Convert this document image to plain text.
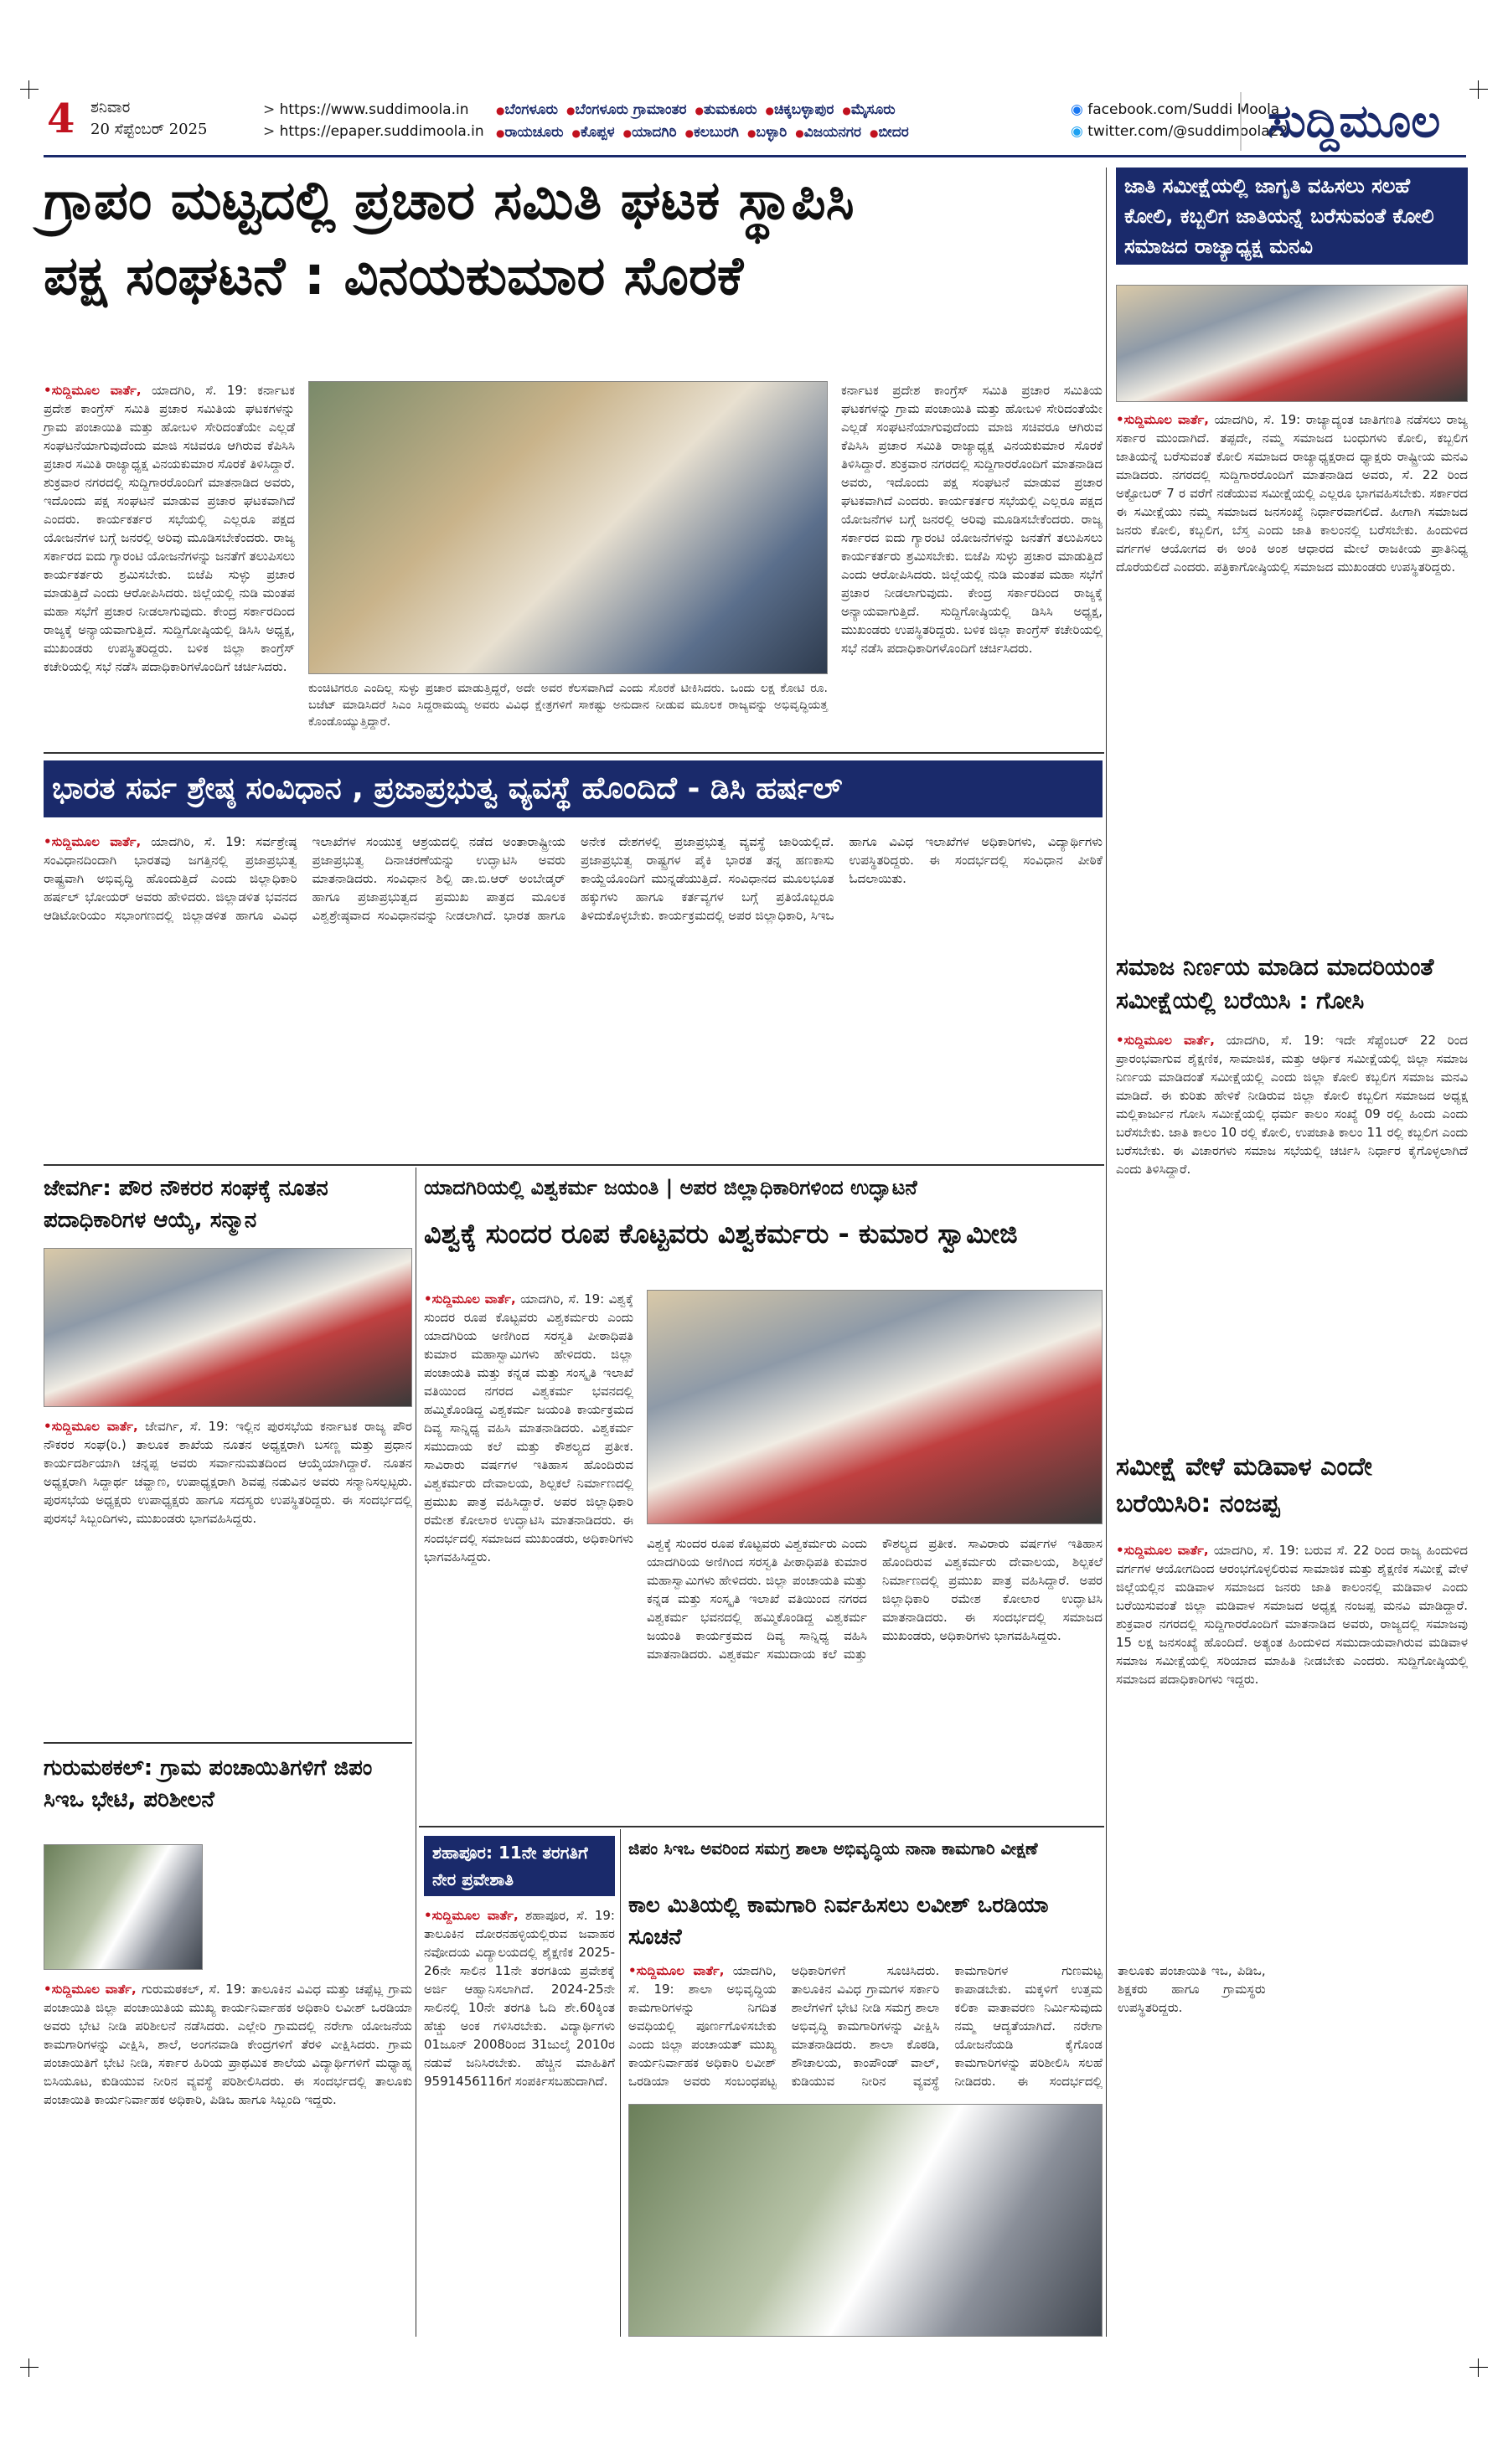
4 ಶನಿವಾರ
20 ಸೆಪ್ಟೆಂಬರ್ 2025
> https://www.suddimoola.in
> https://epaper.suddimoola.in
● ಬೆಂಗಳೂರು ● ಬೆಂಗಳೂರು ಗ್ರಾಮಾಂತರ ● ತುಮಕೂರು ● ಚಿಕ್ಕಬಳ್ಳಾಪುರ ● ಮೈಸೂರು
● ರಾಯಚೂರು ● ಕೊಪ್ಪಳ ● ಯಾದಗಿರಿ ● ಕಲಬುರಗಿ ● ಬಳ್ಳಾರಿ ● ವಿಜಯನಗರ ● ಬೀದರ
◉ facebook.com/Suddi Moola
◉ twitter.com/@suddimoola22
ಸುದ್ದಿಮೂಲ
ಗ್ರಾಪಂ ಮಟ್ಟದಲ್ಲಿ ಪ್ರಚಾರ ಸಮಿತಿ ಘಟಕ ಸ್ಥಾಪಿಸಿ
ಪಕ್ಷ ಸಂಘಟನೆ : ವಿನಯಕುಮಾರ ಸೊರಕೆ
•ಸುದ್ದಿಮೂಲ ವಾರ್ತೆ, ಯಾದಗಿರಿ, ಸೆ. 19: ಕರ್ನಾಟಕ ಪ್ರದೇಶ ಕಾಂಗ್ರೆಸ್ ಸಮಿತಿ ಪ್ರಚಾರ ಸಮಿತಿಯ ಘಟಕಗಳನ್ನು ಗ್ರಾಮ ಪಂಚಾಯಿತಿ ಮತ್ತು ಹೋಬಳಿ ಸೇರಿದಂತೆಯೇ ಎಲ್ಲಡೆ ಸಂಘಟನೆಯಾಗುವುದೆಂದು ಮಾಜಿ ಸಚಿವರೂ ಆಗಿರುವ ಕೆಪಿಸಿಸಿ ಪ್ರಚಾರ ಸಮಿತಿ ರಾಜ್ಯಾಧ್ಯಕ್ಷ ವಿನಯಕುಮಾರ ಸೊರಕೆ ತಿಳಿಸಿದ್ದಾರೆ. ಶುಕ್ರವಾರ ನಗರದಲ್ಲಿ ಸುದ್ದಿಗಾರರೊಂದಿಗೆ ಮಾತನಾಡಿದ ಅವರು, ಇದೊಂದು ಪಕ್ಷ ಸಂಘಟನೆ ಮಾಡುವ ಪ್ರಚಾರ ಘಟಕವಾಗಿದೆ ಎಂದರು. ಕಾರ್ಯಕರ್ತರ ಸಭೆಯಲ್ಲಿ ಎಲ್ಲರೂ ಪಕ್ಷದ ಯೋಜನೆಗಳ ಬಗ್ಗೆ ಜನರಲ್ಲಿ ಅರಿವು ಮೂಡಿಸಬೇಕೆಂದರು. ರಾಜ್ಯ ಸರ್ಕಾರದ ಐದು ಗ್ಯಾರಂಟಿ ಯೋಜನೆಗಳನ್ನು ಜನತೆಗೆ ತಲುಪಿಸಲು ಕಾರ್ಯಕರ್ತರು ಶ್ರಮಿಸಬೇಕು. ಬಿಜೆಪಿ ಸುಳ್ಳು ಪ್ರಚಾರ ಮಾಡುತ್ತಿದೆ ಎಂದು ಆರೋಪಿಸಿದರು. ಜಿಲ್ಲೆಯಲ್ಲಿ ನುಡಿ ಮಂತಪ ಮಹಾ ಸಭೆಗೆ ಪ್ರಚಾರ ನೀಡಲಾಗುವುದು. ಕೇಂದ್ರ ಸರ್ಕಾರದಿಂದ ರಾಜ್ಯಕ್ಕೆ ಅನ್ಯಾಯವಾಗುತ್ತಿದೆ. ಸುದ್ದಿಗೋಷ್ಠಿಯಲ್ಲಿ ಡಿಸಿಸಿ ಅಧ್ಯಕ್ಷ, ಮುಖಂಡರು ಉಪಸ್ಥಿತರಿದ್ದರು. ಬಳಿಕ ಜಿಲ್ಲಾ ಕಾಂಗ್ರೆಸ್ ಕಚೇರಿಯಲ್ಲಿ ಸಭೆ ನಡೆಸಿ ಪದಾಧಿಕಾರಿಗಳೊಂದಿಗೆ ಚರ್ಚಿಸಿದರು.
ಕುಂಚಿಟಿಗರೂ ಎಂದಿಲ್ಲ ಸುಳ್ಳು ಪ್ರಚಾರ ಮಾಡುತ್ತಿದ್ದರೆ, ಅದೇ ಅವರ ಕೆಲಸವಾಗಿದೆ ಎಂದು ಸೊರಕೆ ಟೀಕಿಸಿದರು. ಒಂದು ಲಕ್ಷ ಕೋಟಿ ರೂ. ಬಜೆಟ್ ಮಾಡಿಸಿದರೆ ಸಿಎಂ ಸಿದ್ದರಾಮಯ್ಯ ಅವರು ವಿವಿಧ ಕ್ಷೇತ್ರಗಳಿಗೆ ಸಾಕಷ್ಟು ಅನುದಾನ ನೀಡುವ ಮೂಲಕ ರಾಜ್ಯವನ್ನು ಅಭಿವೃದ್ಧಿಯತ್ತ ಕೊಂಡೊಯ್ಯುತ್ತಿದ್ದಾರೆ.
ಕರ್ನಾಟಕ ಪ್ರದೇಶ ಕಾಂಗ್ರೆಸ್ ಸಮಿತಿ ಪ್ರಚಾರ ಸಮಿತಿಯ ಘಟಕಗಳನ್ನು ಗ್ರಾಮ ಪಂಚಾಯಿತಿ ಮತ್ತು ಹೋಬಳಿ ಸೇರಿದಂತೆಯೇ ಎಲ್ಲಡೆ ಸಂಘಟನೆಯಾಗುವುದೆಂದು ಮಾಜಿ ಸಚಿವರೂ ಆಗಿರುವ ಕೆಪಿಸಿಸಿ ಪ್ರಚಾರ ಸಮಿತಿ ರಾಜ್ಯಾಧ್ಯಕ್ಷ ವಿನಯಕುಮಾರ ಸೊರಕೆ ತಿಳಿಸಿದ್ದಾರೆ. ಶುಕ್ರವಾರ ನಗರದಲ್ಲಿ ಸುದ್ದಿಗಾರರೊಂದಿಗೆ ಮಾತನಾಡಿದ ಅವರು, ಇದೊಂದು ಪಕ್ಷ ಸಂಘಟನೆ ಮಾಡುವ ಪ್ರಚಾರ ಘಟಕವಾಗಿದೆ ಎಂದರು. ಕಾರ್ಯಕರ್ತರ ಸಭೆಯಲ್ಲಿ ಎಲ್ಲರೂ ಪಕ್ಷದ ಯೋಜನೆಗಳ ಬಗ್ಗೆ ಜನರಲ್ಲಿ ಅರಿವು ಮೂಡಿಸಬೇಕೆಂದರು. ರಾಜ್ಯ ಸರ್ಕಾರದ ಐದು ಗ್ಯಾರಂಟಿ ಯೋಜನೆಗಳನ್ನು ಜನತೆಗೆ ತಲುಪಿಸಲು ಕಾರ್ಯಕರ್ತರು ಶ್ರಮಿಸಬೇಕು. ಬಿಜೆಪಿ ಸುಳ್ಳು ಪ್ರಚಾರ ಮಾಡುತ್ತಿದೆ ಎಂದು ಆರೋಪಿಸಿದರು. ಜಿಲ್ಲೆಯಲ್ಲಿ ನುಡಿ ಮಂತಪ ಮಹಾ ಸಭೆಗೆ ಪ್ರಚಾರ ನೀಡಲಾಗುವುದು. ಕೇಂದ್ರ ಸರ್ಕಾರದಿಂದ ರಾಜ್ಯಕ್ಕೆ ಅನ್ಯಾಯವಾಗುತ್ತಿದೆ. ಸುದ್ದಿಗೋಷ್ಠಿಯಲ್ಲಿ ಡಿಸಿಸಿ ಅಧ್ಯಕ್ಷ, ಮುಖಂಡರು ಉಪಸ್ಥಿತರಿದ್ದರು. ಬಳಿಕ ಜಿಲ್ಲಾ ಕಾಂಗ್ರೆಸ್ ಕಚೇರಿಯಲ್ಲಿ ಸಭೆ ನಡೆಸಿ ಪದಾಧಿಕಾರಿಗಳೊಂದಿಗೆ ಚರ್ಚಿಸಿದರು.
ಜಾತಿ ಸಮೀಕ್ಷೆಯಲ್ಲಿ ಜಾಗೃತಿ ವಹಿಸಲು ಸಲಹೆ ಕೋಲಿ, ಕಬ್ಬಲಿಗ ಜಾತಿಯನ್ನೆ ಬರೆಸುವಂತೆ ಕೋಲಿ ಸಮಾಜದ ರಾಜ್ಯಾಧ್ಯಕ್ಷ ಮನವಿ
•ಸುದ್ದಿಮೂಲ ವಾರ್ತೆ, ಯಾದಗಿರಿ, ಸೆ. 19: ರಾಜ್ಯಾದ್ಯಂತ ಜಾತಿಗಣತಿ ನಡೆಸಲು ರಾಜ್ಯ ಸರ್ಕಾರ ಮುಂದಾಗಿದೆ. ತಪ್ಪದೇ, ನಮ್ಮ ಸಮಾಜದ ಬಂಧುಗಳು ಕೋಲಿ, ಕಬ್ಬಲಿಗ ಜಾತಿಯನ್ನೆ ಬರೆಸುವಂತೆ ಕೋಲಿ ಸಮಾಜದ ರಾಜ್ಯಾಧ್ಯಕ್ಷರಾದ ಧ್ಯಾಕ್ಷರು ರಾಷ್ಟ್ರೀಯ ಮನವಿ ಮಾಡಿದರು. ನಗರದಲ್ಲಿ ಸುದ್ದಿಗಾರರೊಂದಿಗೆ ಮಾತನಾಡಿದ ಅವರು, ಸೆ. 22 ರಿಂದ ಅಕ್ಟೋಬರ್ 7 ರ ವರೆಗೆ ನಡೆಯುವ ಸಮೀಕ್ಷೆಯಲ್ಲಿ ಎಲ್ಲರೂ ಭಾಗವಹಿಸಬೇಕು. ಸರ್ಕಾರದ ಈ ಸಮೀಕ್ಷೆಯು ನಮ್ಮ ಸಮಾಜದ ಜನಸಂಖ್ಯೆ ನಿರ್ಧಾರವಾಗಲಿದೆ. ಹೀಗಾಗಿ ಸಮಾಜದ ಜನರು ಕೋಲಿ, ಕಬ್ಬಲಿಗ, ಬೆಸ್ತ ಎಂದು ಜಾತಿ ಕಾಲಂನಲ್ಲಿ ಬರೆಸಬೇಕು. ಹಿಂದುಳಿದ ವರ್ಗಗಳ ಆಯೋಗದ ಈ ಅಂಕಿ ಅಂಶ ಆಧಾರದ ಮೇಲೆ ರಾಜಕೀಯ ಪ್ರಾತಿನಿಧ್ಯ ದೊರೆಯಲಿದೆ ಎಂದರು. ಪತ್ರಿಕಾಗೋಷ್ಠಿಯಲ್ಲಿ ಸಮಾಜದ ಮುಖಂಡರು ಉಪಸ್ಥಿತರಿದ್ದರು.
ಸಮಾಜ ನಿರ್ಣಯ ಮಾಡಿದ ಮಾದರಿಯಂತೆ ಸಮೀಕ್ಷೆಯಲ್ಲಿ ಬರೆಯಿಸಿ : ಗೋಸಿ
•ಸುದ್ದಿಮೂಲ ವಾರ್ತೆ, ಯಾದಗಿರಿ, ಸೆ. 19: ಇದೇ ಸೆಪ್ಟೆಂಬರ್ 22 ರಿಂದ ಪ್ರಾರಂಭವಾಗುವ ಶೈಕ್ಷಣಿಕ, ಸಾಮಾಜಿಕ, ಮತ್ತು ಆರ್ಥಿಕ ಸಮೀಕ್ಷೆಯಲ್ಲಿ ಜಿಲ್ಲಾ ಸಮಾಜ ನಿರ್ಣಯ ಮಾಡಿದಂತೆ ಸಮೀಕ್ಷೆಯಲ್ಲಿ ಎಂದು ಜಿಲ್ಲಾ ಕೋಲಿ ಕಬ್ಬಲಿಗ ಸಮಾಜ ಮನವಿ ಮಾಡಿದೆ. ಈ ಕುರಿತು ಹೇಳಿಕೆ ನೀಡಿರುವ ಜಿಲ್ಲಾ ಕೋಲಿ ಕಬ್ಬಲಿಗ ಸಮಾಜದ ಅಧ್ಯಕ್ಷ ಮಲ್ಲಿಕಾರ್ಜುನ ಗೋಸಿ ಸಮೀಕ್ಷೆಯಲ್ಲಿ ಧರ್ಮ ಕಾಲಂ ಸಂಖ್ಯೆ 09 ರಲ್ಲಿ ಹಿಂದು ಎಂದು ಬರೆಸಬೇಕು. ಜಾತಿ ಕಾಲಂ 10 ರಲ್ಲಿ ಕೋಲಿ, ಉಪಜಾತಿ ಕಾಲಂ 11 ರಲ್ಲಿ ಕಬ್ಬಲಿಗ ಎಂದು ಬರೆಸಬೇಕು. ಈ ವಿಚಾರಗಳು ಸಮಾಜ ಸಭೆಯಲ್ಲಿ ಚರ್ಚಿಸಿ ನಿರ್ಧಾರ ಕೈಗೊಳ್ಳಲಾಗಿದೆ ಎಂದು ತಿಳಿಸಿದ್ದಾರೆ.
ಸಮೀಕ್ಷೆ ವೇಳೆ ಮಡಿವಾಳ ಎಂದೇ ಬರೆಯಿಸಿರಿ: ನಂಜಪ್ಪ
•ಸುದ್ದಿಮೂಲ ವಾರ್ತೆ, ಯಾದಗಿರಿ, ಸೆ. 19: ಬರುವ ಸೆ. 22 ರಿಂದ ರಾಜ್ಯ ಹಿಂದುಳಿದ ವರ್ಗಗಳ ಆಯೋಗದಿಂದ ಆರಂಭಗೊಳ್ಳಲಿರುವ ಸಾಮಾಜಿಕ ಮತ್ತು ಶೈಕ್ಷಣಿಕ ಸಮೀಕ್ಷೆ ವೇಳೆ ಜಿಲ್ಲೆಯಲ್ಲಿನ ಮಡಿವಾಳ ಸಮಾಜದ ಜನರು ಜಾತಿ ಕಾಲಂನಲ್ಲಿ ಮಡಿವಾಳ ಎಂದು ಬರೆಯಿಸುವಂತೆ ಜಿಲ್ಲಾ ಮಡಿವಾಳ ಸಮಾಜದ ಅಧ್ಯಕ್ಷ ನಂಜಪ್ಪ ಮನವಿ ಮಾಡಿದ್ದಾರೆ. ಶುಕ್ರವಾರ ನಗರದಲ್ಲಿ ಸುದ್ದಿಗಾರರೊಂದಿಗೆ ಮಾತನಾಡಿದ ಅವರು, ರಾಜ್ಯದಲ್ಲಿ ಸಮಾಜವು 15 ಲಕ್ಷ ಜನಸಂಖ್ಯೆ ಹೊಂದಿದೆ. ಅತ್ಯಂತ ಹಿಂದುಳಿದ ಸಮುದಾಯವಾಗಿರುವ ಮಡಿವಾಳ ಸಮಾಜ ಸಮೀಕ್ಷೆಯಲ್ಲಿ ಸರಿಯಾದ ಮಾಹಿತಿ ನೀಡಬೇಕು ಎಂದರು. ಸುದ್ದಿಗೋಷ್ಠಿಯಲ್ಲಿ ಸಮಾಜದ ಪದಾಧಿಕಾರಿಗಳು ಇದ್ದರು.
ಭಾರತ ಸರ್ವ ಶ್ರೇಷ್ಠ ಸಂವಿಧಾನ , ಪ್ರಜಾಪ್ರಭುತ್ವ ವ್ಯವಸ್ಥೆ ಹೊಂದಿದೆ - ಡಿಸಿ ಹರ್ಷಲ್
•ಸುದ್ದಿಮೂಲ ವಾರ್ತೆ, ಯಾದಗಿರಿ, ಸೆ. 19: ಸರ್ವಶ್ರೇಷ್ಠ ಸಂವಿಧಾನದಿಂದಾಗಿ ಭಾರತವು ಜಗತ್ತಿನಲ್ಲಿ ಪ್ರಜಾಪ್ರಭುತ್ವ ರಾಷ್ಟ್ರವಾಗಿ ಅಭಿವೃದ್ಧಿ ಹೊಂದುತ್ತಿದೆ ಎಂದು ಜಿಲ್ಲಾಧಿಕಾರಿ ಹರ್ಷಲ್ ಭೋಯರ್ ಅವರು ಹೇಳಿದರು. ಜಿಲ್ಲಾಡಳಿತ ಭವನದ ಆಡಿಟೋರಿಯಂ ಸಭಾಂಗಣದಲ್ಲಿ ಜಿಲ್ಲಾಡಳಿತ ಹಾಗೂ ವಿವಿಧ ಇಲಾಖೆಗಳ ಸಂಯುಕ್ತ ಆಶ್ರಯದಲ್ಲಿ ನಡೆದ ಅಂತಾರಾಷ್ಟ್ರೀಯ ಪ್ರಜಾಪ್ರಭುತ್ವ ದಿನಾಚರಣೆಯನ್ನು ಉದ್ಘಾಟಿಸಿ ಅವರು ಮಾತನಾಡಿದರು. ಸಂವಿಧಾನ ಶಿಲ್ಪಿ ಡಾ.ಬಿ.ಆರ್ ಅಂಬೇಡ್ಕರ್ ಹಾಗೂ ಪ್ರಜಾಪ್ರಭುತ್ವದ ಪ್ರಮುಖ ಪಾತ್ರದ ಮೂಲಕ ವಿಶ್ವಶ್ರೇಷ್ಠವಾದ ಸಂವಿಧಾನವನ್ನು ನೀಡಲಾಗಿದೆ. ಭಾರತ ಹಾಗೂ ಅನೇಕ ದೇಶಗಳಲ್ಲಿ ಪ್ರಜಾಪ್ರಭುತ್ವ ವ್ಯವಸ್ಥೆ ಜಾರಿಯಲ್ಲಿದೆ. ಪ್ರಜಾಪ್ರಭುತ್ವ ರಾಷ್ಟ್ರಗಳ ಪೈಕಿ ಭಾರತ ತನ್ನ ಹಣಕಾಸು ಕಾಯ್ದೆಯೊಂದಿಗೆ ಮುನ್ನಡೆಯುತ್ತಿದೆ. ಸಂವಿಧಾನದ ಮೂಲಭೂತ ಹಕ್ಕುಗಳು ಹಾಗೂ ಕರ್ತವ್ಯಗಳ ಬಗ್ಗೆ ಪ್ರತಿಯೊಬ್ಬರೂ ತಿಳಿದುಕೊಳ್ಳಬೇಕು. ಕಾರ್ಯಕ್ರಮದಲ್ಲಿ ಅಪರ ಜಿಲ್ಲಾಧಿಕಾರಿ, ಸಿಇಒ ಹಾಗೂ ವಿವಿಧ ಇಲಾಖೆಗಳ ಅಧಿಕಾರಿಗಳು, ವಿದ್ಯಾರ್ಥಿಗಳು ಉಪಸ್ಥಿತರಿದ್ದರು. ಈ ಸಂದರ್ಭದಲ್ಲಿ ಸಂವಿಧಾನ ಪೀಠಿಕೆ ಓದಲಾಯಿತು.
ಜೇವರ್ಗಿ: ಪೌರ ನೌಕರರ ಸಂಘಕ್ಕೆ ನೂತನ ಪದಾಧಿಕಾರಿಗಳ ಆಯ್ಕೆ, ಸನ್ಮಾನ
•ಸುದ್ದಿಮೂಲ ವಾರ್ತೆ, ಜೇವರ್ಗಿ, ಸೆ. 19: ಇಲ್ಲಿನ ಪುರಸಭೆಯ ಕರ್ನಾಟಕ ರಾಜ್ಯ ಪೌರ ನೌಕರರ ಸಂಘ(ರಿ.) ತಾಲೂಕ ಶಾಖೆಯ ನೂತನ ಅಧ್ಯಕ್ಷರಾಗಿ ಬಸಣ್ಣ ಮತ್ತು ಪ್ರಧಾನ ಕಾರ್ಯದರ್ಶಿಯಾಗಿ ಚನ್ನಪ್ಪ ಅವರು ಸರ್ವಾನುಮತದಿಂದ ಆಯ್ಕೆಯಾಗಿದ್ದಾರೆ. ನೂತನ ಅಧ್ಯಕ್ಷರಾಗಿ ಸಿದ್ದಾರ್ಥ ಚವ್ಹಾಣ, ಉಪಾಧ್ಯಕ್ಷರಾಗಿ ಶಿವಪ್ಪ ನಡುವಿನ ಅವರು ಸನ್ಮಾನಿಸಲ್ಪಟ್ಟರು. ಪುರಸಭೆಯ ಅಧ್ಯಕ್ಷರು ಉಪಾಧ್ಯಕ್ಷರು ಹಾಗೂ ಸದಸ್ಯರು ಉಪಸ್ಥಿತರಿದ್ದರು. ಈ ಸಂದರ್ಭದಲ್ಲಿ ಪುರಸಭೆ ಸಿಬ್ಬಂದಿಗಳು, ಮುಖಂಡರು ಭಾಗವಹಿಸಿದ್ದರು.
ಗುರುಮಠಕಲ್: ಗ್ರಾಮ ಪಂಚಾಯಿತಿಗಳಿಗೆ ಜಿಪಂ ಸಿಇಒ ಭೇಟಿ, ಪರಿಶೀಲನೆ
•ಸುದ್ದಿಮೂಲ ವಾರ್ತೆ, ಗುರುಮಠಕಲ್, ಸೆ. 19: ತಾಲೂಕಿನ ವಿವಿಧ ಮತ್ತು ಚಪ್ಪೆಟ್ಲ ಗ್ರಾಮ ಪಂಚಾಯಿತಿ ಜಿಲ್ಲಾ ಪಂಚಾಯಿತಿಯ ಮುಖ್ಯ ಕಾರ್ಯನಿರ್ವಾಹಕ ಅಧಿಕಾರಿ ಲವೀಶ್ ಒರಡಿಯಾ ಅವರು ಭೇಟಿ ನೀಡಿ ಪರಿಶೀಲನೆ ನಡೆಸಿದರು. ಎಲ್ಲೇರಿ ಗ್ರಾಮದಲ್ಲಿ ನರೇಗಾ ಯೋಜನೆಯ ಕಾಮಗಾರಿಗಳನ್ನು ವೀಕ್ಷಿಸಿ, ಶಾಲೆ, ಅಂಗನವಾಡಿ ಕೇಂದ್ರಗಳಿಗೆ ತೆರಳಿ ವೀಕ್ಷಿಸಿದರು. ಗ್ರಾಮ ಪಂಚಾಯಿತಿಗೆ ಭೇಟಿ ನೀಡಿ, ಸರ್ಕಾರ ಹಿರಿಯ ಪ್ರಾಥಮಿಕ ಶಾಲೆಯ ವಿದ್ಯಾರ್ಥಿಗಳಿಗೆ ಮಧ್ಯಾಹ್ನ ಬಿಸಿಯೂಟ, ಕುಡಿಯುವ ನೀರಿನ ವ್ಯವಸ್ಥೆ ಪರಿಶೀಲಿಸಿದರು. ಈ ಸಂದರ್ಭದಲ್ಲಿ ತಾಲೂಕು ಪಂಚಾಯಿತಿ ಕಾರ್ಯನಿರ್ವಾಹಕ ಅಧಿಕಾರಿ, ಪಿಡಿಒ ಹಾಗೂ ಸಿಬ್ಬಂದಿ ಇದ್ದರು.
ಯಾದಗಿರಿಯಲ್ಲಿ ವಿಶ್ವಕರ್ಮ ಜಯಂತಿ | ಅಪರ ಜಿಲ್ಲಾಧಿಕಾರಿಗಳಿಂದ ಉದ್ಘಾಟನೆ
ವಿಶ್ವಕ್ಕೆ ಸುಂದರ ರೂಪ ಕೊಟ್ಟವರು ವಿಶ್ವಕರ್ಮರು - ಕುಮಾರ ಸ್ವಾಮೀಜಿ
•ಸುದ್ದಿಮೂಲ ವಾರ್ತೆ, ಯಾದಗಿರಿ, ಸೆ. 19: ವಿಶ್ವಕ್ಕೆ ಸುಂದರ ರೂಪ ಕೊಟ್ಟವರು ವಿಶ್ವಕರ್ಮರು ಎಂದು ಯಾದಗಿರಿಯ ಅಣಿಗಿಂದ ಸರಸ್ವತಿ ಪೀಠಾಧಿಪತಿ ಕುಮಾರ ಮಹಾಸ್ವಾಮಿಗಳು ಹೇಳಿದರು. ಜಿಲ್ಲಾ ಪಂಚಾಯತಿ ಮತ್ತು ಕನ್ನಡ ಮತ್ತು ಸಂಸ್ಕೃತಿ ಇಲಾಖೆ ವತಿಯಿಂದ ನಗರದ ವಿಶ್ವಕರ್ಮ ಭವನದಲ್ಲಿ ಹಮ್ಮಿಕೊಂಡಿದ್ದ ವಿಶ್ವಕರ್ಮ ಜಯಂತಿ ಕಾರ್ಯಕ್ರಮದ ದಿವ್ಯ ಸಾನ್ನಿಧ್ಯ ವಹಿಸಿ ಮಾತನಾಡಿದರು. ವಿಶ್ವಕರ್ಮ ಸಮುದಾಯ ಕಲೆ ಮತ್ತು ಕೌಶಲ್ಯದ ಪ್ರತೀಕ. ಸಾವಿರಾರು ವರ್ಷಗಳ ಇತಿಹಾಸ ಹೊಂದಿರುವ ವಿಶ್ವಕರ್ಮರು ದೇವಾಲಯ, ಶಿಲ್ಪಕಲೆ ನಿರ್ಮಾಣದಲ್ಲಿ ಪ್ರಮುಖ ಪಾತ್ರ ವಹಿಸಿದ್ದಾರೆ. ಅಪರ ಜಿಲ್ಲಾಧಿಕಾರಿ ರಮೇಶ ಕೋಲಾರ ಉದ್ಘಾಟಿಸಿ ಮಾತನಾಡಿದರು. ಈ ಸಂದರ್ಭದಲ್ಲಿ ಸಮಾಜದ ಮುಖಂಡರು, ಅಧಿಕಾರಿಗಳು ಭಾಗವಹಿಸಿದ್ದರು.
ವಿಶ್ವಕ್ಕೆ ಸುಂದರ ರೂಪ ಕೊಟ್ಟವರು ವಿಶ್ವಕರ್ಮರು ಎಂದು ಯಾದಗಿರಿಯ ಅಣಿಗಿಂದ ಸರಸ್ವತಿ ಪೀಠಾಧಿಪತಿ ಕುಮಾರ ಮಹಾಸ್ವಾಮಿಗಳು ಹೇಳಿದರು. ಜಿಲ್ಲಾ ಪಂಚಾಯತಿ ಮತ್ತು ಕನ್ನಡ ಮತ್ತು ಸಂಸ್ಕೃತಿ ಇಲಾಖೆ ವತಿಯಿಂದ ನಗರದ ವಿಶ್ವಕರ್ಮ ಭವನದಲ್ಲಿ ಹಮ್ಮಿಕೊಂಡಿದ್ದ ವಿಶ್ವಕರ್ಮ ಜಯಂತಿ ಕಾರ್ಯಕ್ರಮದ ದಿವ್ಯ ಸಾನ್ನಿಧ್ಯ ವಹಿಸಿ ಮಾತನಾಡಿದರು. ವಿಶ್ವಕರ್ಮ ಸಮುದಾಯ ಕಲೆ ಮತ್ತು ಕೌಶಲ್ಯದ ಪ್ರತೀಕ. ಸಾವಿರಾರು ವರ್ಷಗಳ ಇತಿಹಾಸ ಹೊಂದಿರುವ ವಿಶ್ವಕರ್ಮರು ದೇವಾಲಯ, ಶಿಲ್ಪಕಲೆ ನಿರ್ಮಾಣದಲ್ಲಿ ಪ್ರಮುಖ ಪಾತ್ರ ವಹಿಸಿದ್ದಾರೆ. ಅಪರ ಜಿಲ್ಲಾಧಿಕಾರಿ ರಮೇಶ ಕೋಲಾರ ಉದ್ಘಾಟಿಸಿ ಮಾತನಾಡಿದರು. ಈ ಸಂದರ್ಭದಲ್ಲಿ ಸಮಾಜದ ಮುಖಂಡರು, ಅಧಿಕಾರಿಗಳು ಭಾಗವಹಿಸಿದ್ದರು.
ಶಹಾಪೂರ: 11ನೇ ತರಗತಿಗೆ ನೇರ ಪ್ರವೇಶಾತಿ
•ಸುದ್ದಿಮೂಲ ವಾರ್ತೆ, ಶಹಾಪೂರ, ಸೆ. 19: ತಾಲೂಕಿನ ದೋರನಹಳ್ಳಿಯಲ್ಲಿರುವ ಜವಾಹರ ನವೋದಯ ವಿದ್ಯಾಲಯದಲ್ಲಿ ಶೈಕ್ಷಣಿಕ 2025-26ನೇ ಸಾಲಿನ 11ನೇ ತರಗತಿಯ ಪ್ರವೇಶಕ್ಕೆ ಅರ್ಜಿ ಆಹ್ವಾನಿಸಲಾಗಿದೆ. 2024-25ನೇ ಸಾಲಿನಲ್ಲಿ 10ನೇ ತರಗತಿ ಓದಿ ಶೇ.60ಕ್ಕಿಂತ ಹೆಚ್ಚು ಅಂಕ ಗಳಿಸಿರಬೇಕು. ವಿದ್ಯಾರ್ಥಿಗಳು 01ಜೂನ್ 2008ರಿಂದ 31ಜುಲೈ 2010ರ ನಡುವೆ ಜನಿಸಿರಬೇಕು. ಹೆಚ್ಚಿನ ಮಾಹಿತಿಗೆ 9591456116ಗೆ ಸಂಪರ್ಕಿಸಬಹುದಾಗಿದೆ.
ಜಿಪಂ ಸಿಇಒ ಅವರಿಂದ ಸಮಗ್ರ ಶಾಲಾ ಅಭಿವೃದ್ಧಿಯ ನಾನಾ ಕಾಮಗಾರಿ ವೀಕ್ಷಣೆ
ಕಾಲ ಮಿತಿಯಲ್ಲಿ ಕಾಮಗಾರಿ ನಿರ್ವಹಿಸಲು ಲವೀಶ್ ಒರಡಿಯಾ ಸೂಚನೆ
•ಸುದ್ದಿಮೂಲ ವಾರ್ತೆ, ಯಾದಗಿರಿ, ಸೆ. 19: ಶಾಲಾ ಅಭಿವೃದ್ಧಿಯ ಕಾಮಗಾರಿಗಳನ್ನು ನಿಗದಿತ ಅವಧಿಯಲ್ಲಿ ಪೂರ್ಣಗೊಳಿಸಬೇಕು ಎಂದು ಜಿಲ್ಲಾ ಪಂಚಾಯತ್ ಮುಖ್ಯ ಕಾರ್ಯನಿರ್ವಾಹಕ ಅಧಿಕಾರಿ ಲವೀಶ್ ಒರಡಿಯಾ ಅವರು ಸಂಬಂಧಪಟ್ಟ ಅಧಿಕಾರಿಗಳಿಗೆ ಸೂಚಿಸಿದರು. ತಾಲೂಕಿನ ವಿವಿಧ ಗ್ರಾಮಗಳ ಸರ್ಕಾರಿ ಶಾಲೆಗಳಿಗೆ ಭೇಟಿ ನೀಡಿ ಸಮಗ್ರ ಶಾಲಾ ಅಭಿವೃದ್ಧಿ ಕಾಮಗಾರಿಗಳನ್ನು ವೀಕ್ಷಿಸಿ ಮಾತನಾಡಿದರು. ಶಾಲಾ ಕೊಠಡಿ, ಶೌಚಾಲಯ, ಕಾಂಪೌಂಡ್ ವಾಲ್, ಕುಡಿಯುವ ನೀರಿನ ವ್ಯವಸ್ಥೆ ಕಾಮಗಾರಿಗಳ ಗುಣಮಟ್ಟ ಕಾಪಾಡಬೇಕು. ಮಕ್ಕಳಿಗೆ ಉತ್ತಮ ಕಲಿಕಾ ವಾತಾವರಣ ನಿರ್ಮಿಸುವುದು ನಮ್ಮ ಆದ್ಯತೆಯಾಗಿದೆ. ನರೇಗಾ ಯೋಜನೆಯಡಿ ಕೈಗೊಂಡ ಕಾಮಗಾರಿಗಳನ್ನು ಪರಿಶೀಲಿಸಿ ಸಲಹೆ ನೀಡಿದರು. ಈ ಸಂದರ್ಭದಲ್ಲಿ ತಾಲೂಕು ಪಂಚಾಯಿತಿ ಇಒ, ಪಿಡಿಒ, ಶಿಕ್ಷಕರು ಹಾಗೂ ಗ್ರಾಮಸ್ಥರು ಉಪಸ್ಥಿತರಿದ್ದರು.
